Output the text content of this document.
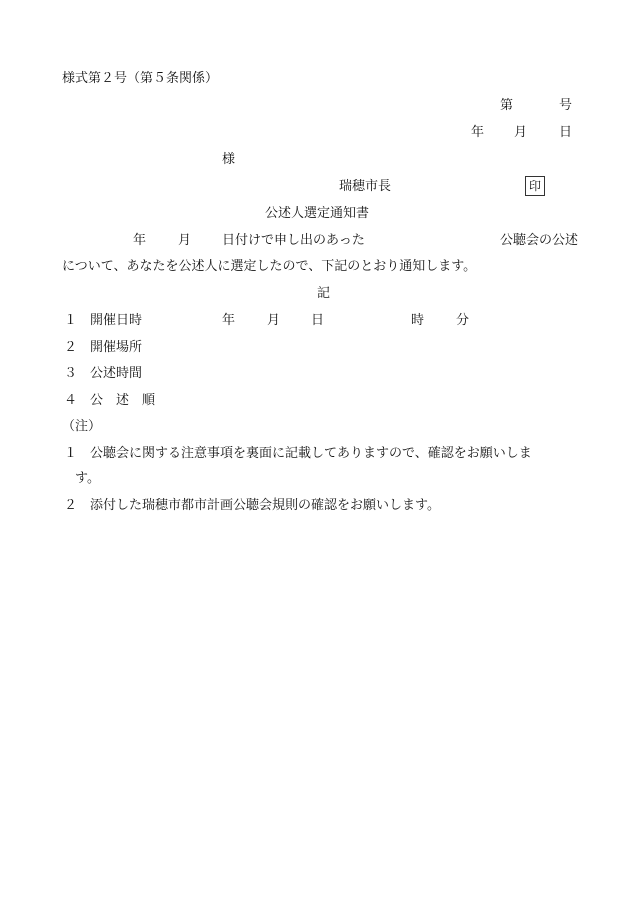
様式第２号（第５条関係）
第	号
年 月 日
様
瑞穂市長	印
公述人選定通知書
年 月 日付けで申し出のあった	公聴会の公述
について、あなたを公述人に選定したので、下記のとおり通知します。
記
１ 開催日時	年 月 日	時 分
２ 開催場所
３ 公述時間
４ 公　述　順
（注）
１ 公聴会に関する注意事項を裏面に記載してありますので、確認をお願いしま
す。
２ 添付した瑞穂市都市計画公聴会規則の確認をお願いします。
